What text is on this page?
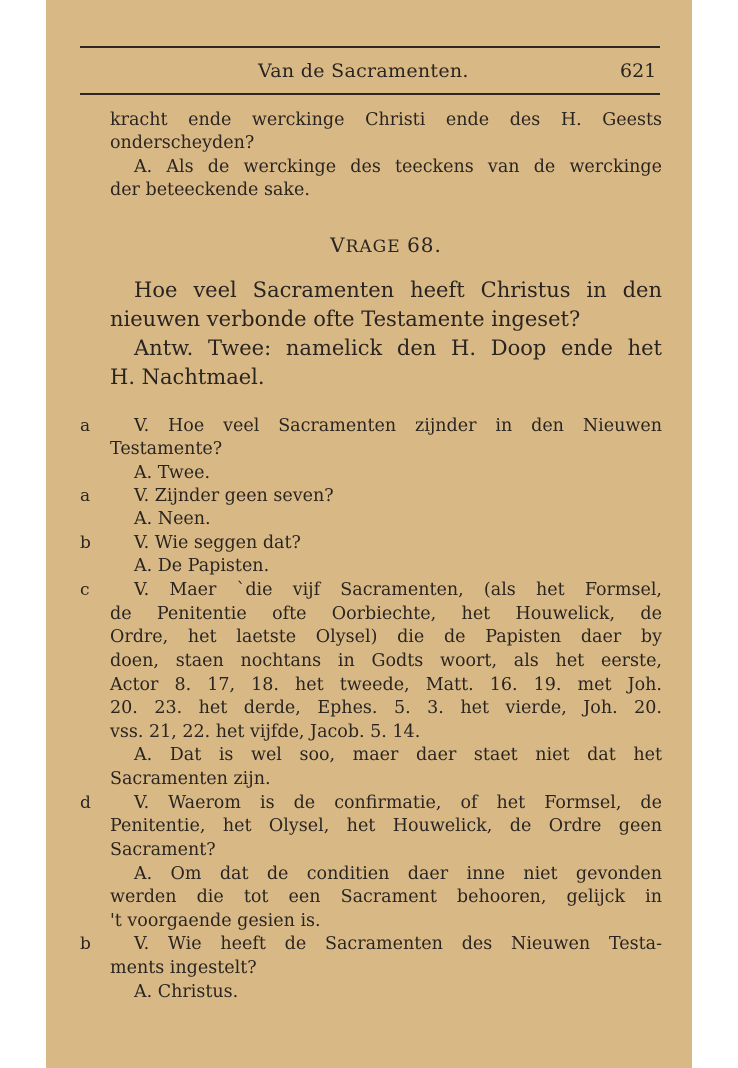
Van de Sacramenten.	621
kracht ende werckinge Christi ende des H. Geests
onderscheyden?
A. Als de werckinge des teeckens van de werckinge
der beteeckende sake.
VRAGE 68.
Hoe veel Sacramenten heeft Christus in den
nieuwen verbonde ofte Testamente ingeset?
Antw. Twee: namelick den H. Doop ende het
H. Nachtmael.
V. Hoe veel Sacramenten zijnder in den Nieuwen
Testamente?
A. Twee.
V. Zijnder geen seven?
A. Neen.
V. Wie seggen dat?
A. De Papisten.
V. Maer `die vijf Sacramenten, (als het Formsel,
de Penitentie ofte Oorbiechte, het Houwelick, de
Ordre, het laetste Olysel) die de Papisten daer by
doen, staen nochtans in Godts woort, als het eerste,
Actor 8. 17, 18. het tweede, Matt. 16. 19. met Joh.
20. 23. het derde, Ephes. 5. 3. het vierde, Joh. 20.
vss. 21, 22. het vijfde, Jacob. 5. 14.
A. Dat is wel soo, maer daer staet niet dat het
Sacramenten zijn.
V. Waerom is de confirmatie, of het Formsel, de
Penitentie, het Olysel, het Houwelick, de Ordre geen
Sacrament?
A. Om dat de conditien daer inne niet gevonden
werden die tot een Sacrament behooren, gelijck in
't voorgaende gesien is.
V. Wie heeft de Sacramenten des Nieuwen Testa-
ments ingestelt?
A. Christus.
a
a
b
c
d
b
